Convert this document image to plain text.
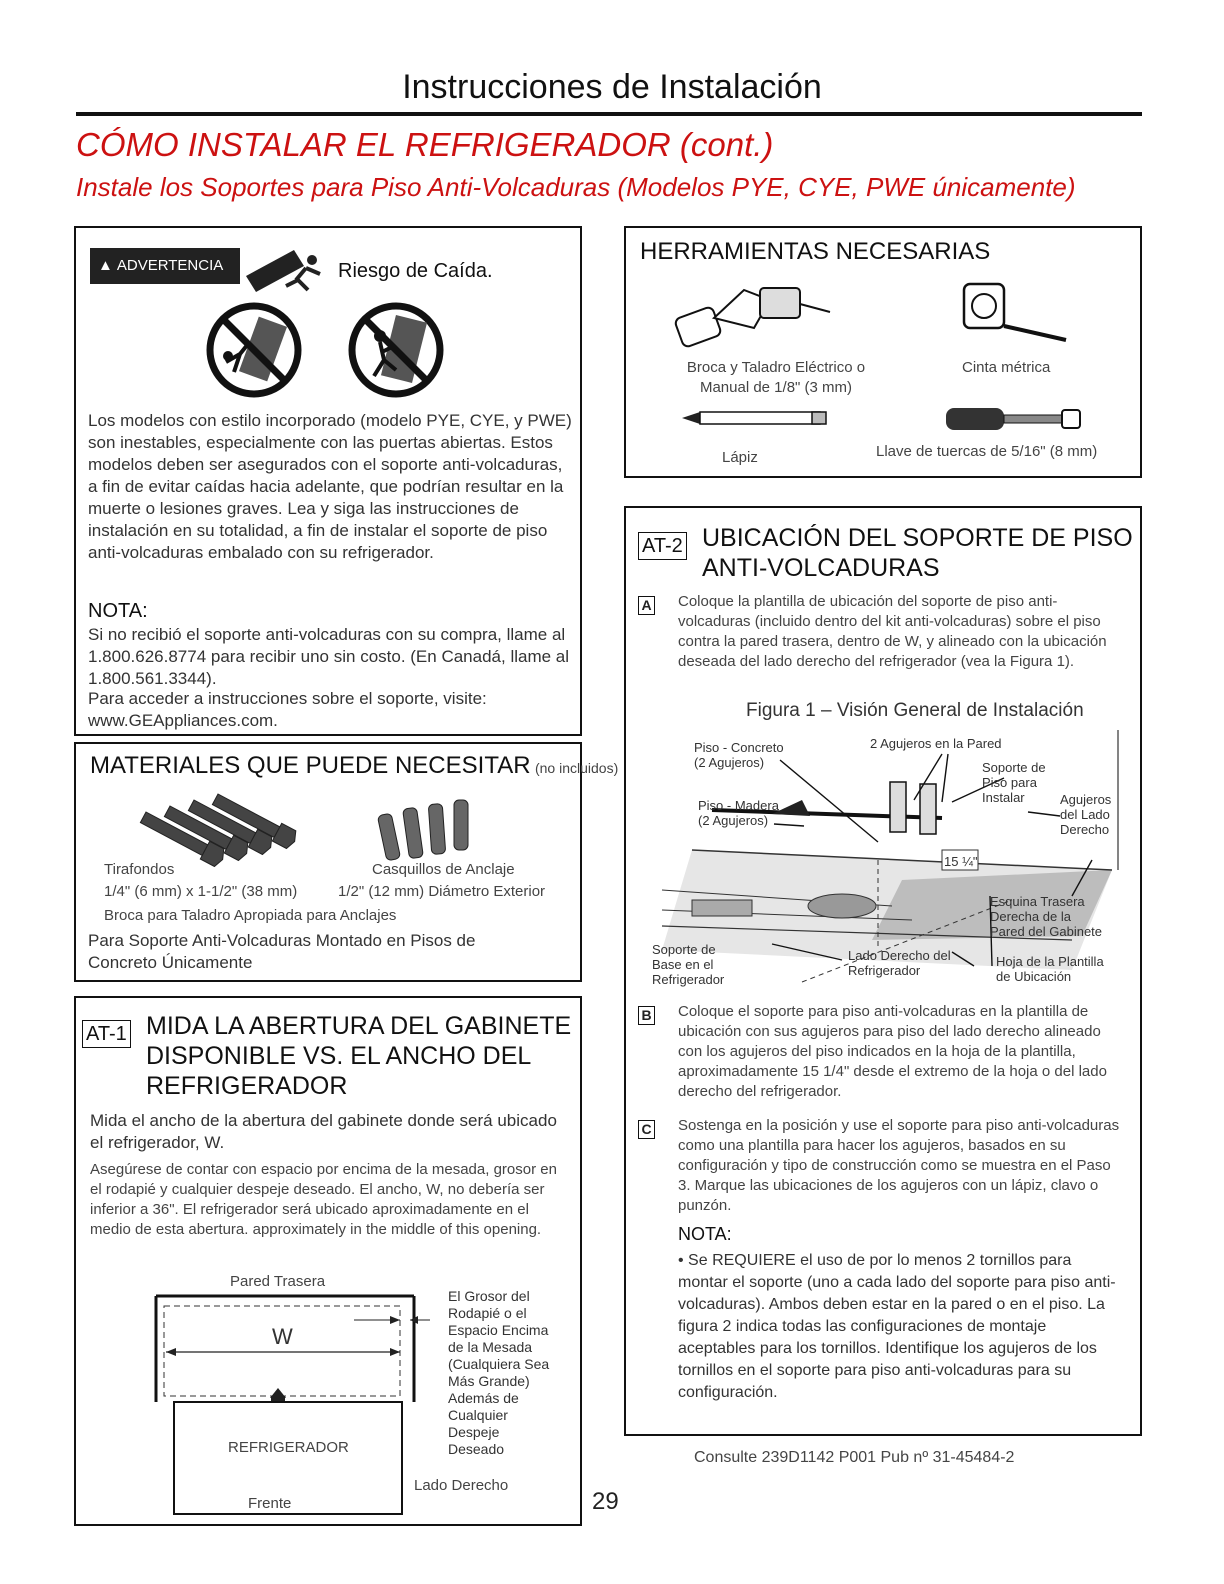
Instrucciones de Instalación
CÓMO INSTALAR EL REFRIGERADOR (cont.)
Instale los Soportes para Piso Anti-Volcaduras (Modelos PYE, CYE, PWE únicamente)
▲ ADVERTENCIA	Riesgo de Caída.
Los modelos con estilo incorporado (modelo PYE, CYE, y PWE) son inestables, especialmente con las puertas abiertas. Estos modelos deben ser asegurados con el soporte anti-volcaduras, a fin de evitar caídas hacia adelante, que podrían resultar en la muerte o lesiones graves. Lea y siga las instrucciones de instalación en su totalidad, a fin de instalar el soporte de piso anti-volcaduras embalado con su refrigerador.
NOTA:
Si no recibió el soporte anti-volcaduras con su compra, llame al 1.800.626.8774 para recibir uno sin costo. (En Canadá, llame al 1.800.561.3344).
Para acceder a instrucciones sobre el soporte, visite: www.GEAppliances.com.
MATERIALES QUE PUEDE NECESITAR (no incluidos)
Tirafondos	Casquillos de Anclaje
1/4" (6 mm) x 1-1/2" (38 mm)	1/2" (12 mm) Diámetro Exterior
Broca para Taladro Apropiada para Anclajes
Para Soporte Anti-Volcaduras Montado en Pisos de Concreto Únicamente
AT-1 MIDA LA ABERTURA DEL GABINETE
DISPONIBLE VS. EL ANCHO DEL
REFRIGERADOR
Mida el ancho de la abertura del gabinete donde será ubicado el refrigerador, W.
Asegúrese de contar con espacio por encima de la mesada, grosor en el rodapié y cualquier despeje deseado. El ancho, W, no debería ser inferior a 36". El refrigerador será ubicado aproximadamente en el medio de esta abertura. approximately in the middle of this opening.
Pared Trasera
W
REFRIGERADOR
Frente
Lado Derecho
El Grosor del
Rodapié o el
Espacio Encima
de la Mesada
(Cualquiera Sea
Más Grande)
Además de
Cualquier
Despeje
Deseado
HERRAMIENTAS NECESARIAS
Broca y Taladro Eléctrico o
Manual de 1/8" (3 mm)
Cinta métrica
Lápiz	Llave de tuercas de 5/16" (8 mm)
AT-2 UBICACIÓN DEL SOPORTE DE PISO
ANTI-VOLCADURAS
A Coloque la plantilla de ubicación del soporte de piso anti-volcaduras (incluido dentro del kit anti-volcaduras) sobre el piso contra la pared trasera, dentro de W, y alineado con la ubicación deseada del lado derecho del refrigerador (vea la Figura 1).
Figura 1 – Visión General de Instalación
Piso - Concreto
(2 Agujeros)
2 Agujeros en la Pared
Soporte de
Piso para
Instalar	Agujeros
del Lado
Derecho
Piso - Madera
(2 Agujeros)
15 ¼"
Esquina Trasera
Derecha de la
Pared del Gabinete
Soporte de
Base en el
Refrigerador
Lado Derecho del
Refrigerador
Hoja de la Plantilla
de Ubicación
B Coloque el soporte para piso anti-volcaduras en la plantilla de ubicación con sus agujeros para piso del lado derecho alineado con los agujeros del piso indicados en la hoja de la plantilla, aproximadamente 15 1/4" desde el extremo de la hoja o del lado derecho del refrigerador.
C Sostenga en la posición y use el soporte para piso anti-volcaduras como una plantilla para hacer los agujeros, basados en su configuración y tipo de construcción como se muestra en el Paso 3. Marque las ubicaciones de los agujeros con un lápiz, clavo o punzón.
NOTA:
• Se REQUIERE el uso de por lo menos 2 tornillos para montar el soporte (uno a cada lado del soporte para piso anti-volcaduras). Ambos deben estar en la pared o en el piso. La figura 2 indica todas las configuraciones de montaje aceptables para los tornillos. Identifique los agujeros de los tornillos en el soporte para piso anti-volcaduras para su configuración.
Consulte 239D1142 P001 Pub nº 31-45484-2
29
